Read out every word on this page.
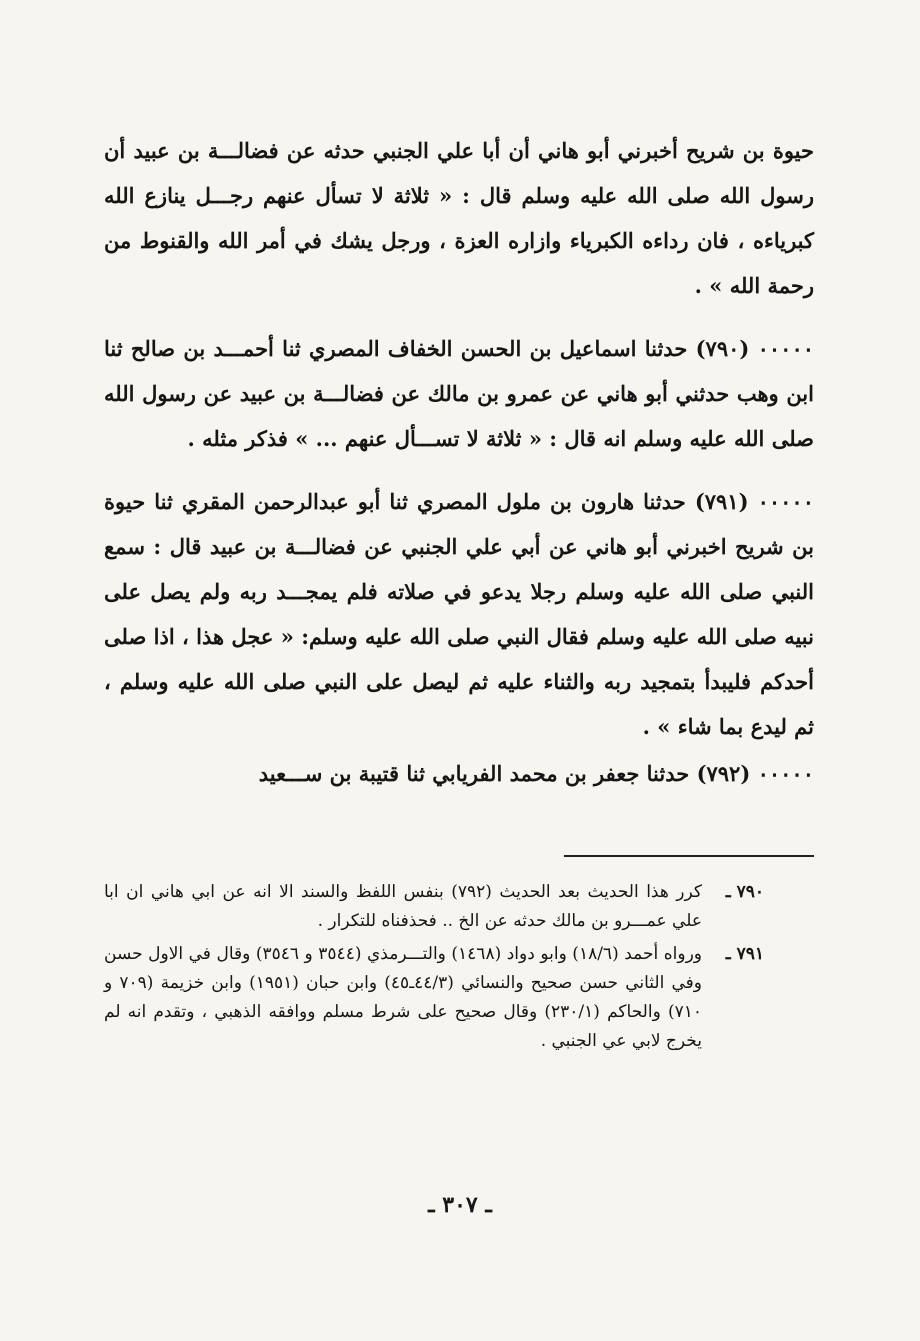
حيوة بن شريح أخبرني أبو هاني أن أبا علي الجنبي حدثه عن فضالـــة بن عبيد أن رسول الله صلى الله عليه وسلم قال : « ثلاثة لا تسأل عنهم رجـــل ينازع الله كبرياءه ، فان رداءه الكبرياء وازاره العزة ، ورجل يشك في أمر الله والقنوط من رحمة الله » .

٠٠٠٠٠ (٧٩٠) حدثنا اسماعيل بن الحسن الخفاف المصري ثنا أحمـــد بن صالح ثنا ابن وهب حدثني أبو هاني عن عمرو بن مالك عن فضالـــة بن عبيد عن رسول الله صلى الله عليه وسلم انه قال : « ثلاثة لا تســـأل عنهم ... » فذكر مثله .

٠٠٠٠٠ (٧٩١) حدثنا هارون بن ملول المصري ثنا أبو عبدالرحمن المقري ثنا حيوة بن شريح اخبرني أبو هاني عن أبي علي الجنبي عن فضالـــة بن عبيد قال : سمع النبي صلى الله عليه وسلم رجلا يدعو في صلاته فلم يمجـــد ربه ولم يصل على نبيه صلى الله عليه وسلم فقال النبي صلى الله عليه وسلم: « عجل هذا ، اذا صلى أحدكم فليبدأ بتمجيد ربه والثناء عليه ثم ليصل على النبي صلى الله عليه وسلم ، ثم ليدع بما شاء » .

٠٠٠٠٠ (٧٩٢) حدثنا جعفر بن محمد الفريابي ثنا قتيبة بن ســـعيد

٧٩٠ ـ
كرر هذا الحديث بعد الحديث (٧٩٢) بنفس اللفظ والسند الا انه عن ابي هاني ان ابا علي عمـــرو بن مالك حدثه عن الخ .. فحذفناه للتكرار .
٧٩١ ـ
ورواه أحمد (١٨/٦) وابو دواد (١٤٦٨) والتـــرمذي (٣٥٤٤ و ٣٥٤٦) وقال في الاول حسن وفي الثاني حسن صحيح والنسائي (٤٤/٣ـ٤٥) وابن حبان (١٩٥١) وابن خزيمة (٧٠٩ و ٧١٠) والحاكم (٢٣٠/١) وقال صحيح على شرط مسلم ووافقه الذهبي ، وتقدم انه لم يخرج لابي عي الجنبي .
ـ ٣٠٧ ـ
